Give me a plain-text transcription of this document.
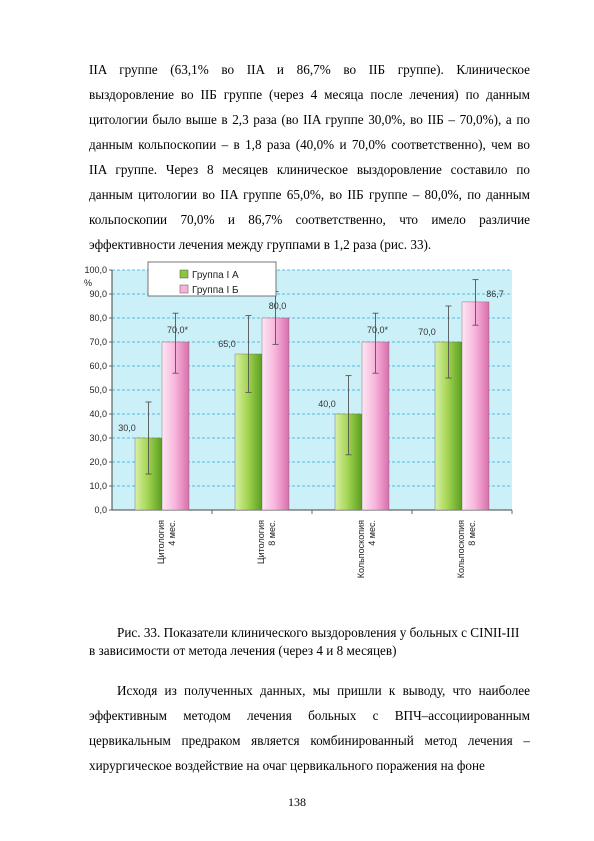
IIA группе (63,1% во IIA и 86,7% во IIБ группе). Клиническое
выздоровление во IIБ группе (через 4 месяца после лечения) по данным
цитологии было выше в 2,3 раза (во IIA группе 30,0%, во IIБ – 70,0%), а по
данным кольпоскопии – в 1,8 раза (40,0% и 70,0% соответственно), чем во
IIA группе. Через 8 месяцев клиническое выздоровление составило по
данным цитологии во IIA группе 65,0%, во IIБ группе – 80,0%, по данным
кольпоскопии 70,0% и 86,7% соответственно, что имело различие
эффективности лечения между группами в 1,2 раза (рис. 33).
0,0
10,0
20,0
30,0
40,0
50,0
60,0
70,0
80,0
90,0
100,0
%
30,0
70,0*
65,0
80,0
40,0
70,0*	70,0
86,7
Цитология 4 мес.	Цитология 8 мес.	Кольпоскопия 4 мес.	Кольпоскопия 8 мес.
Группа I А
Группа I Б
Рис. 33. Показатели клинического выздоровления у больных с CINII-III
в зависимости от метода лечения (через 4 и 8 месяцев)
Исходя из полученных данных, мы пришли к выводу, что наиболее
эффективным методом лечения больных с ВПЧ–ассоциированным
цервикальным предраком является комбинированный метод лечения –
хирургическое воздействие на очаг цервикального поражения на фоне
138
